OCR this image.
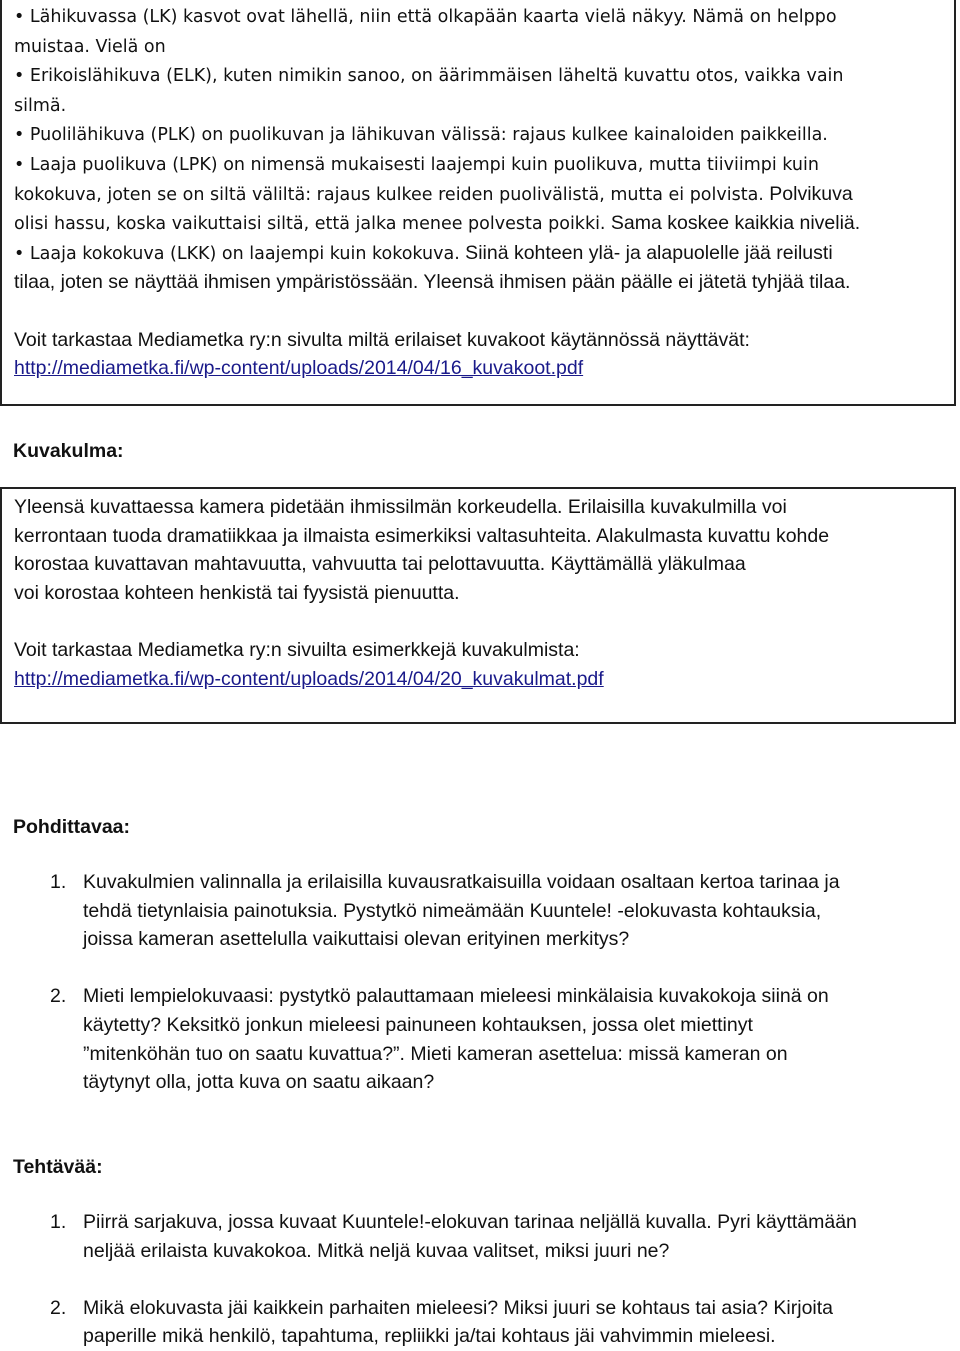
• Lähikuvassa (LK) kasvot ovat lähellä, niin että olkapään kaarta vielä näkyy. Nämä on helppo
muistaa. Vielä on
• Erikoislähikuva (ELK), kuten nimikin sanoo, on äärimmäisen läheltä kuvattu otos, vaikka vain
silmä.
• Puolilähikuva (PLK) on puolikuvan ja lähikuvan välissä: rajaus kulkee kainaloiden paikkeilla.
• Laaja puolikuva (LPK) on nimensä mukaisesti laajempi kuin puolikuva, mutta tiiviimpi kuin
kokokuva, joten se on siltä väliltä: rajaus kulkee reiden puolivälistä, mutta ei polvista. Polvikuva
olisi hassu, koska vaikuttaisi siltä, että jalka menee polvesta poikki. Sama koskee kaikkia niveliä.
• Laaja kokokuva (LKK) on laajempi kuin kokokuva. Siinä kohteen ylä- ja alapuolelle jää reilusti
tilaa, joten se näyttää ihmisen ympäristössään. Yleensä ihmisen pään päälle ei jätetä tyhjää tilaa.
Voit tarkastaa Mediametka ry:n sivulta miltä erilaiset kuvakoot käytännössä näyttävät:
http://mediametka.fi/wp-content/uploads/2014/04/16_kuvakoot.pdf
Kuvakulma:
Yleensä kuvattaessa kamera pidetään ihmissilmän korkeudella. Erilaisilla kuvakulmilla voi
kerrontaan tuoda dramatiikkaa ja ilmaista esimerkiksi valtasuhteita. Alakulmasta kuvattu kohde
korostaa kuvattavan mahtavuutta, vahvuutta tai pelottavuutta. Käyttämällä yläkulmaa
voi korostaa kohteen henkistä tai fyysistä pienuutta.
Voit tarkastaa Mediametka ry:n sivuilta esimerkkejä kuvakulmista:
http://mediametka.fi/wp-content/uploads/2014/04/20_kuvakulmat.pdf
Pohdittavaa:
1. Kuvakulmien valinnalla ja erilaisilla kuvausratkaisuilla voidaan osaltaan kertoa tarinaa ja
tehdä tietynlaisia painotuksia. Pystytkö nimeämään Kuuntele! -elokuvasta kohtauksia,
joissa kameran asettelulla vaikuttaisi olevan erityinen merkitys?
2. Mieti lempielokuvaasi: pystytkö palauttamaan mieleesi minkälaisia kuvakokoja siinä on
käytetty? Keksitkö jonkun mieleesi painuneen kohtauksen, jossa olet miettinyt
”mitenköhän tuo on saatu kuvattua?”. Mieti kameran asettelua: missä kameran on
täytynyt olla, jotta kuva on saatu aikaan?
Tehtävää:
1. Piirrä sarjakuva, jossa kuvaat Kuuntele!-elokuvan tarinaa neljällä kuvalla. Pyri käyttämään
neljää erilaista kuvakokoa. Mitkä neljä kuvaa valitset, miksi juuri ne?
2. Mikä elokuvasta jäi kaikkein parhaiten mieleesi? Miksi juuri se kohtaus tai asia? Kirjoita
paperille mikä henkilö, tapahtuma, repliikki ja/tai kohtaus jäi vahvimmin mieleesi.
